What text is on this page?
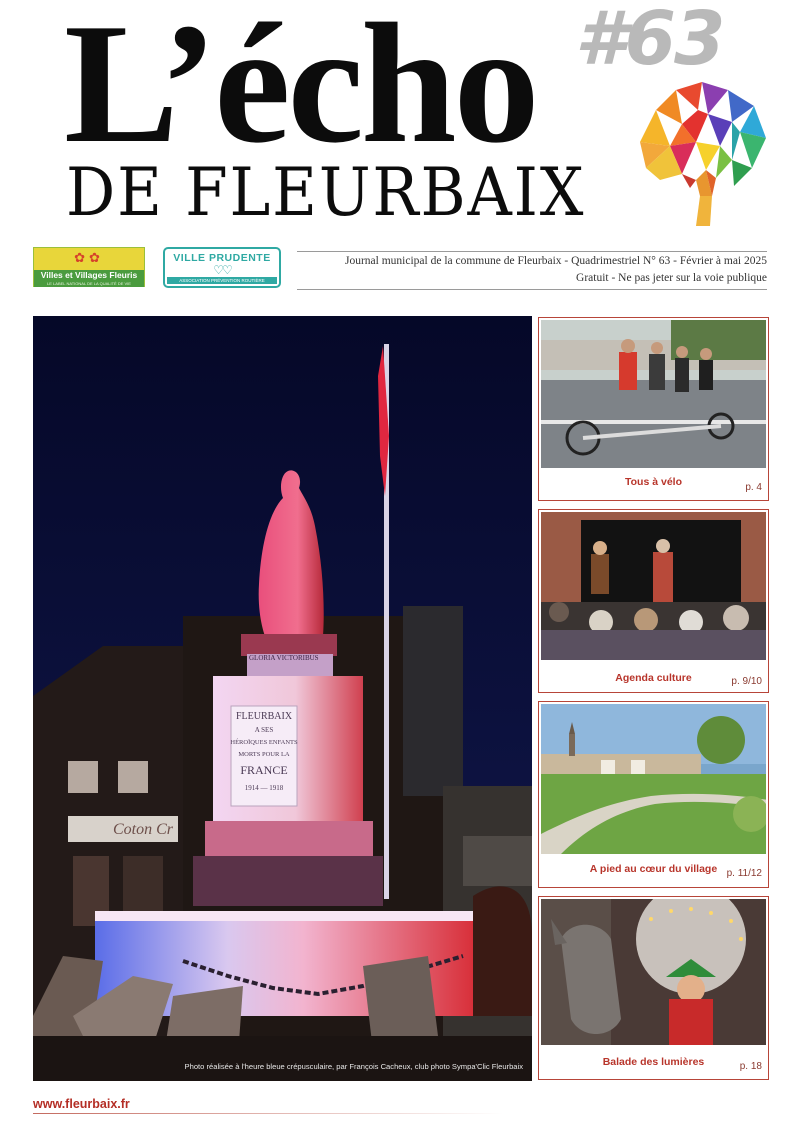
#63
L’écho
DE FLEURBAIX
✿✿
Villes et Villages Fleuris
LE LABEL NATIONAL DE LA QUALITÉ DE VIE
VILLE PRUDENTE
♡♡
ASSOCIATION PRÉVENTION ROUTIÈRE
Journal municipal de la commune de Fleurbaix - Quadrimestriel N° 63 - Février à mai 2025
Gratuit - Ne pas jeter sur la voie publique
Coton Cr
GLORIA VICTORIBUS
FLEURBAIX
A SES
HÉROÏQUES ENFANTS
MORTS POUR LA
FRANCE
1914 — 1918
Photo réalisée à l'heure bleue crépusculaire, par François Cacheux, club photo Sympa'Clic Fleurbaix
Tous à vélo	p. 4
Agenda culture	p. 9/10
A pied au cœur du village p. 11/12
Balade des lumières	p. 18
www.fleurbaix.fr
